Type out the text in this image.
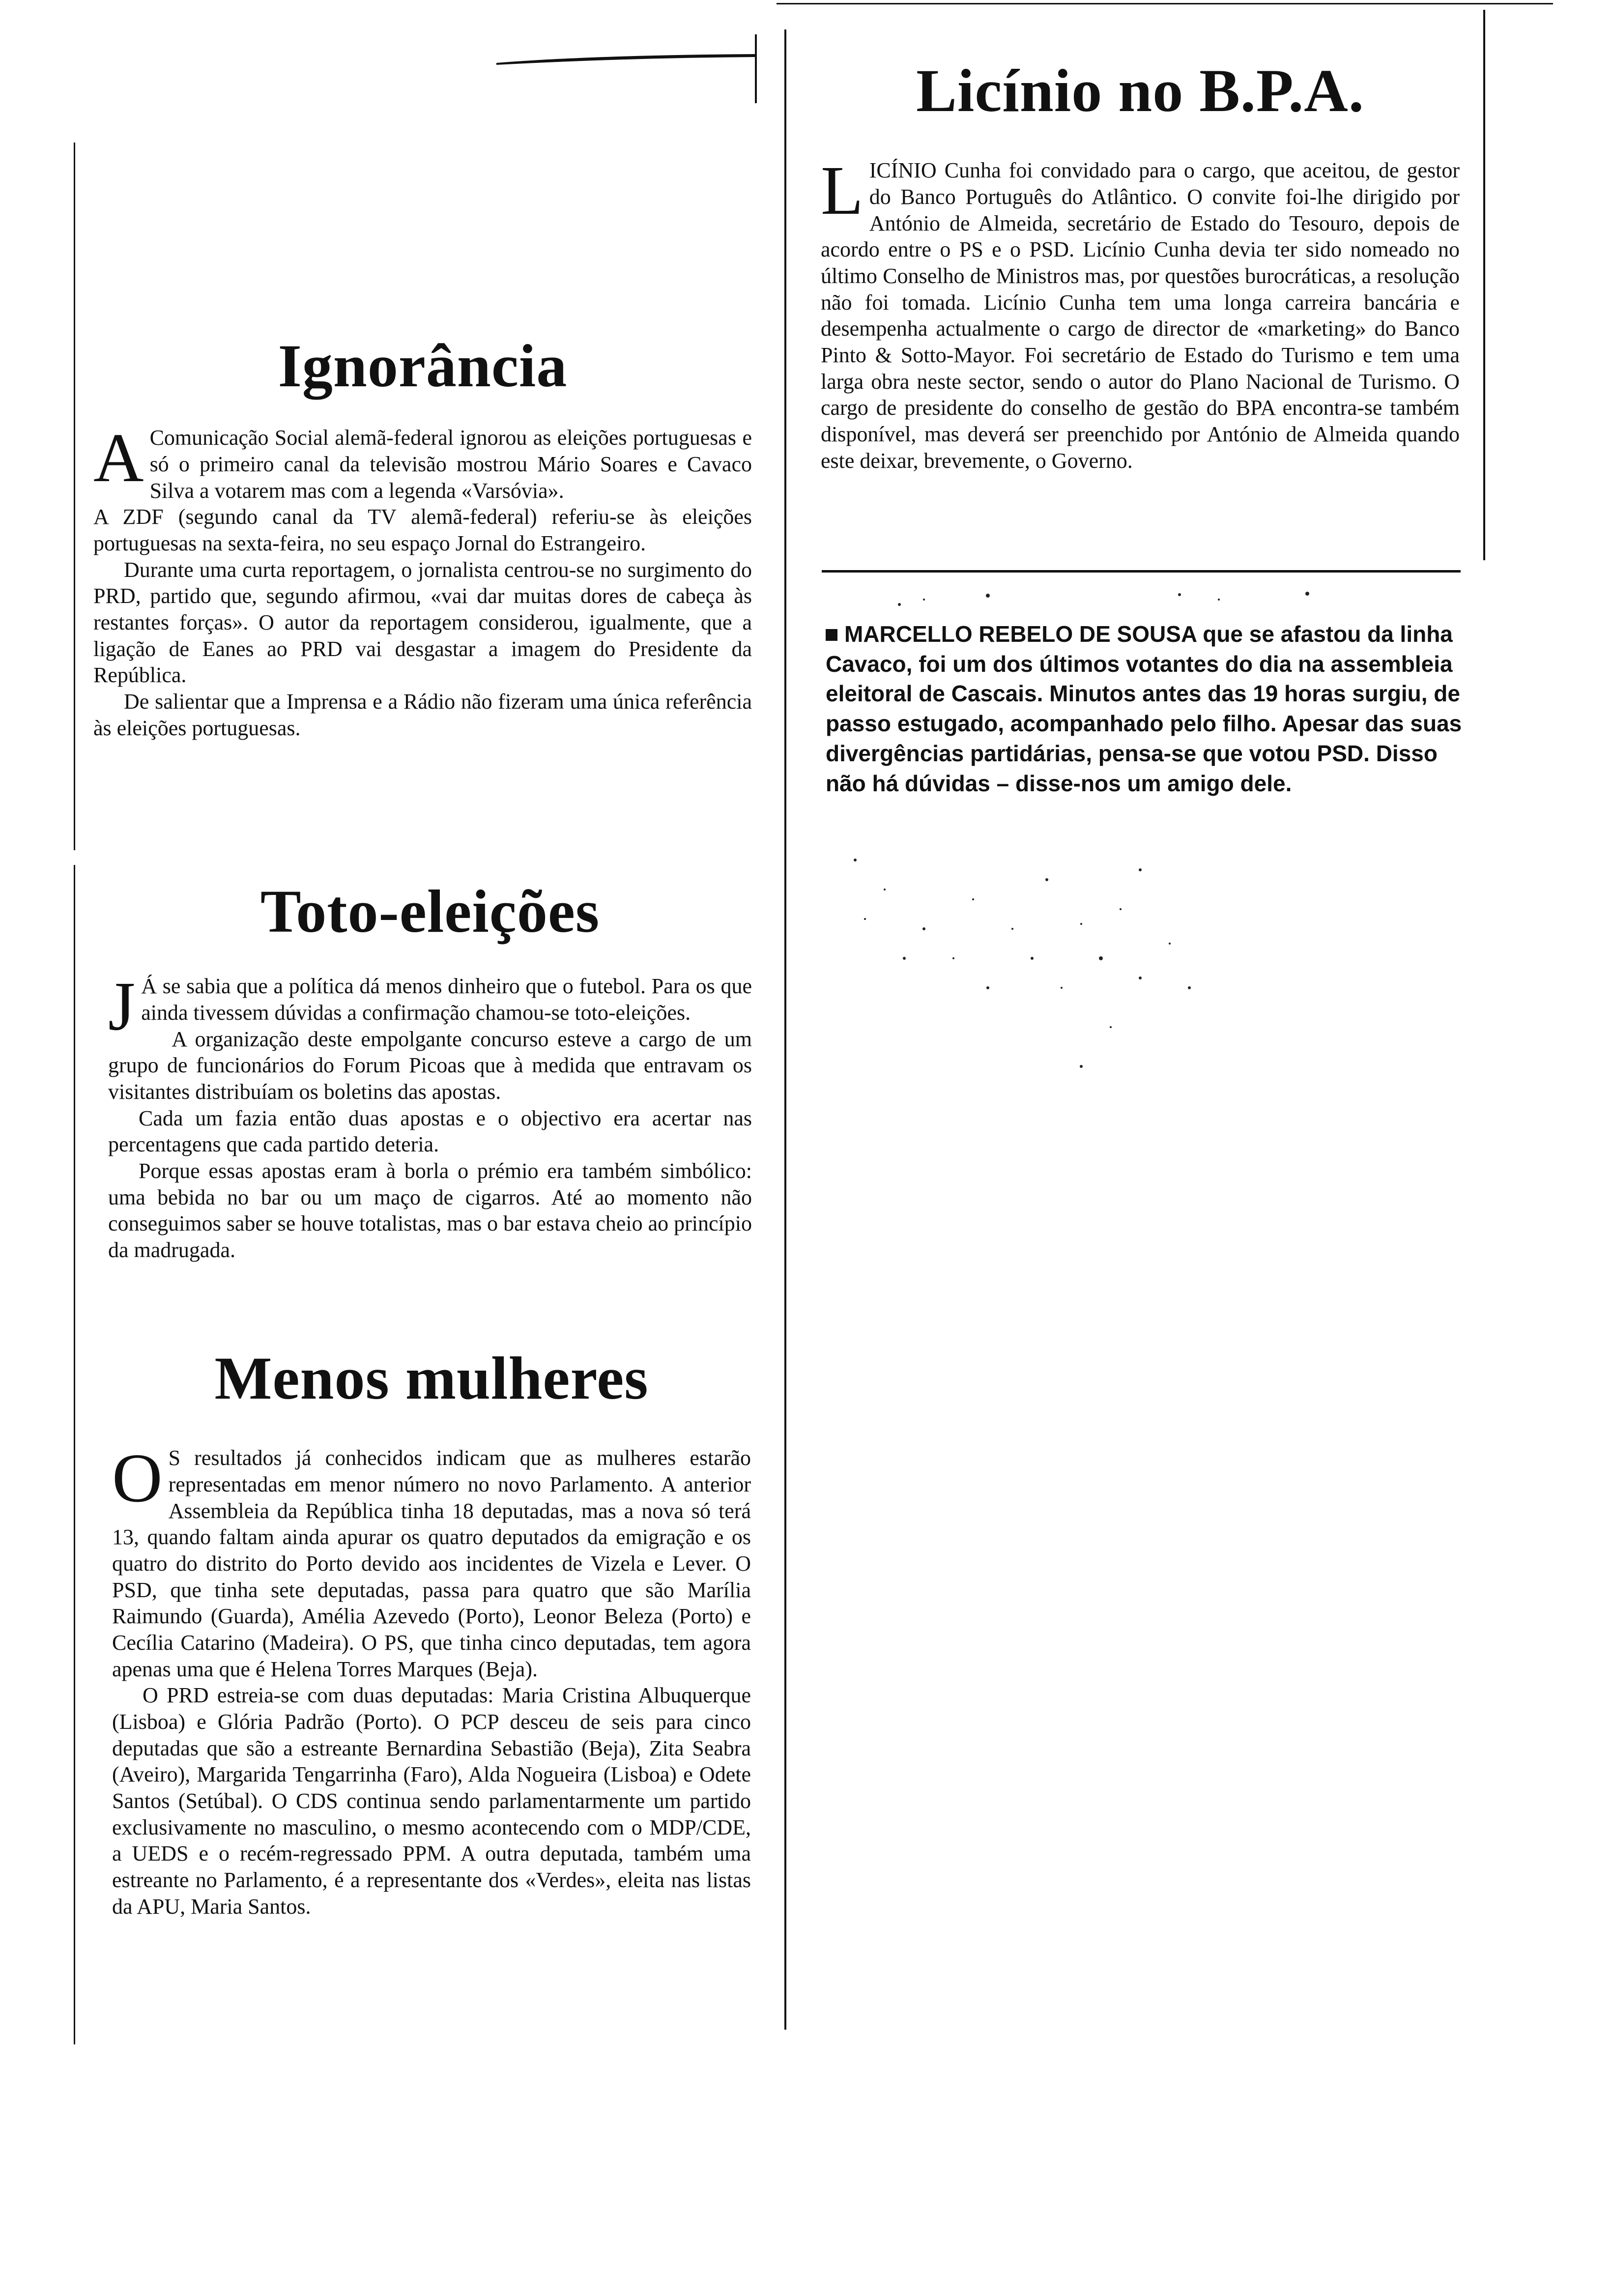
Ignorância

A Comunicação Social alemã-federal ignorou as eleições portuguesas e só o primeiro canal da televisão mostrou Mário Soares e Cavaco Silva a votarem mas com a legenda «Varsóvia».

A ZDF (segundo canal da TV alemã-federal) referiu-se às eleições portuguesas na sexta-feira, no seu espaço Jornal do Estrangeiro.

Durante uma curta reportagem, o jornalista centrou-se no surgimento do PRD, partido que, segundo afirmou, «vai dar muitas dores de cabeça às restantes forças». O autor da reportagem considerou, igualmente, que a ligação de Eanes ao PRD vai desgastar a imagem do Presidente da República.

De salientar que a Imprensa e a Rádio não fizeram uma única referência às eleições portuguesas.

Toto-eleições

J Á se sabia que a política dá menos dinheiro que o futebol. Para os que ainda tivessem dúvidas a confirmação chamou-se toto-eleições.

A organização deste empolgante concurso esteve a cargo de um grupo de funcionários do Forum Picoas que à medida que entravam os visitantes distribuíam os boletins das apostas.

Cada um fazia então duas apostas e o objectivo era acertar nas percentagens que cada partido deteria.

Porque essas apostas eram à borla o prémio era também simbólico: uma bebida no bar ou um maço de cigarros. Até ao momento não conseguimos saber se houve totalistas, mas o bar estava cheio ao princípio da madrugada.

Menos mulheres

O S resultados já conhecidos indicam que as mulheres estarão representadas em menor número no novo Parlamento. A anterior Assembleia da República tinha 18 deputadas, mas a nova só terá 13, quando faltam ainda apurar os quatro deputados da emigração e os quatro do distrito do Porto devido aos incidentes de Vizela e Lever. O PSD, que tinha sete deputadas, passa para quatro que são Marília Raimundo (Guarda), Amélia Azevedo (Porto), Leonor Beleza (Porto) e Cecília Catarino (Madeira). O PS, que tinha cinco deputadas, tem agora apenas uma que é Helena Torres Marques (Beja).

O PRD estreia-se com duas deputadas: Maria Cristina Albuquerque (Lisboa) e Glória Padrão (Porto). O PCP desceu de seis para cinco deputadas que são a estreante Bernardina Sebastião (Beja), Zita Seabra (Aveiro), Margarida Tengarrinha (Faro), Alda Nogueira (Lisboa) e Odete Santos (Setúbal). O CDS continua sendo parlamentarmente um partido exclusivamente no masculino, o mesmo acontecendo com o MDP/CDE, a UEDS e o recém-regressado PPM. A outra deputada, também uma estreante no Parlamento, é a representante dos «Verdes», eleita nas listas da APU, Maria Santos.

Licínio no B.P.A.

L ICÍNIO Cunha foi convidado para o cargo, que aceitou, de gestor do Banco Português do Atlântico. O convite foi-lhe dirigido por António de Almeida, secretário de Estado do Tesouro, depois de acordo entre o PS e o PSD. Licínio Cunha devia ter sido nomeado no último Conselho de Ministros mas, por questões burocráticas, a resolução não foi tomada. Licínio Cunha tem uma longa carreira bancária e desempenha actualmente o cargo de director de «marketing» do Banco Pinto & Sotto-Mayor. Foi secretário de Estado do Turismo e tem uma larga obra neste sector, sendo o autor do Plano Nacional de Turismo. O cargo de presidente do conselho de gestão do BPA encontra-se também disponível, mas deverá ser preenchido por António de Almeida quando este deixar, brevemente, o Governo.

MARCELLO REBELO DE SOUSA que se afastou da linha Cavaco, foi um dos últimos votantes do dia na assembleia eleitoral de Cascais. Minutos antes das 19 horas surgiu, de passo estugado, acompanhado pelo filho. Apesar das suas divergências partidárias, pensa-se que votou PSD. Disso não há dúvidas – disse-nos um amigo dele.
